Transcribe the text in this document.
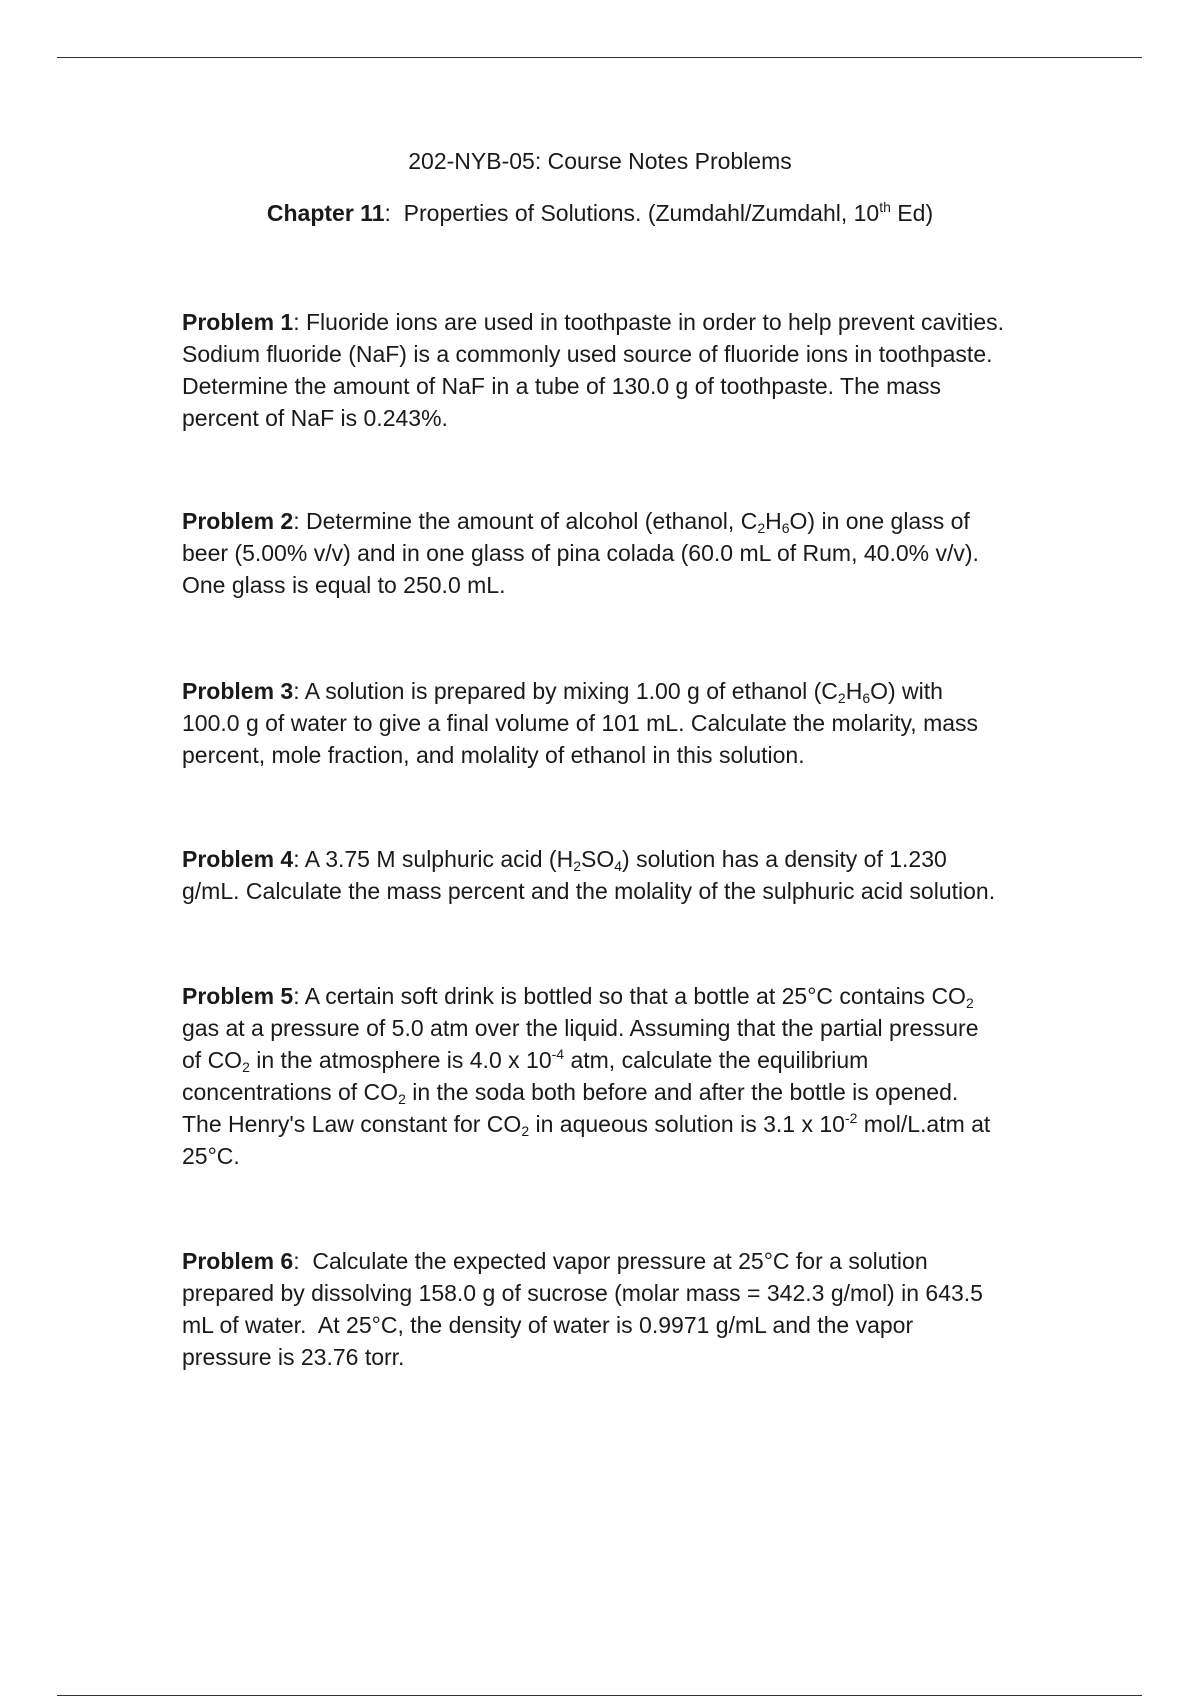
202-NYB-05: Course Notes Problems
Chapter 11: Properties of Solutions. (Zumdahl/Zumdahl, 10th Ed)
Problem 1: Fluoride ions are used in toothpaste in order to help prevent cavities.
Sodium fluoride (NaF) is a commonly used source of fluoride ions in toothpaste.
Determine the amount of NaF in a tube of 130.0 g of toothpaste. The mass
percent of NaF is 0.243%.
Problem 2: Determine the amount of alcohol (ethanol, $C_2H_6O$) in one glass of
beer (5.00% v/v) and in one glass of pina colada (60.0 mL of Rum, 40.0% v/v).
One glass is equal to 250.0 mL.
Problem 3: A solution is prepared by mixing 1.00 g of ethanol $(C_2H_6O)$ with
100.0 g of water to give a final volume of 101 mL. Calculate the molarity, mass
percent, mole fraction, and molality of ethanol in this solution.
Problem 4: A 3.75 M sulphuric acid $(H_2SO_4)$ solution has a density of 1.230
g/mL. Calculate the mass percent and the molality of the sulphuric acid solution.
Problem 5: A certain soft drink is bottled so that a bottle at 25°C contains $CO_2$
gas at a pressure of 5.0 atm over the liquid. Assuming that the partial pressure
of $CO_2$ in the atmosphere is 4.0 x $10^{-4}$ atm, calculate the equilibrium
concentrations of $CO_2$ in the soda both before and after the bottle is opened.
The Henry's Law constant for $CO_2$ in aqueous solution is 3.1 x $10^{-2}$ mol/L.atm at
25°C.
Problem 6:  Calculate the expected vapor pressure at 25°C for a solution
prepared by dissolving 158.0 g of sucrose (molar mass = 342.3 g/mol) in 643.5
mL of water.  At 25°C, the density of water is 0.9971 g/mL and the vapor
pressure is 23.76 torr.
